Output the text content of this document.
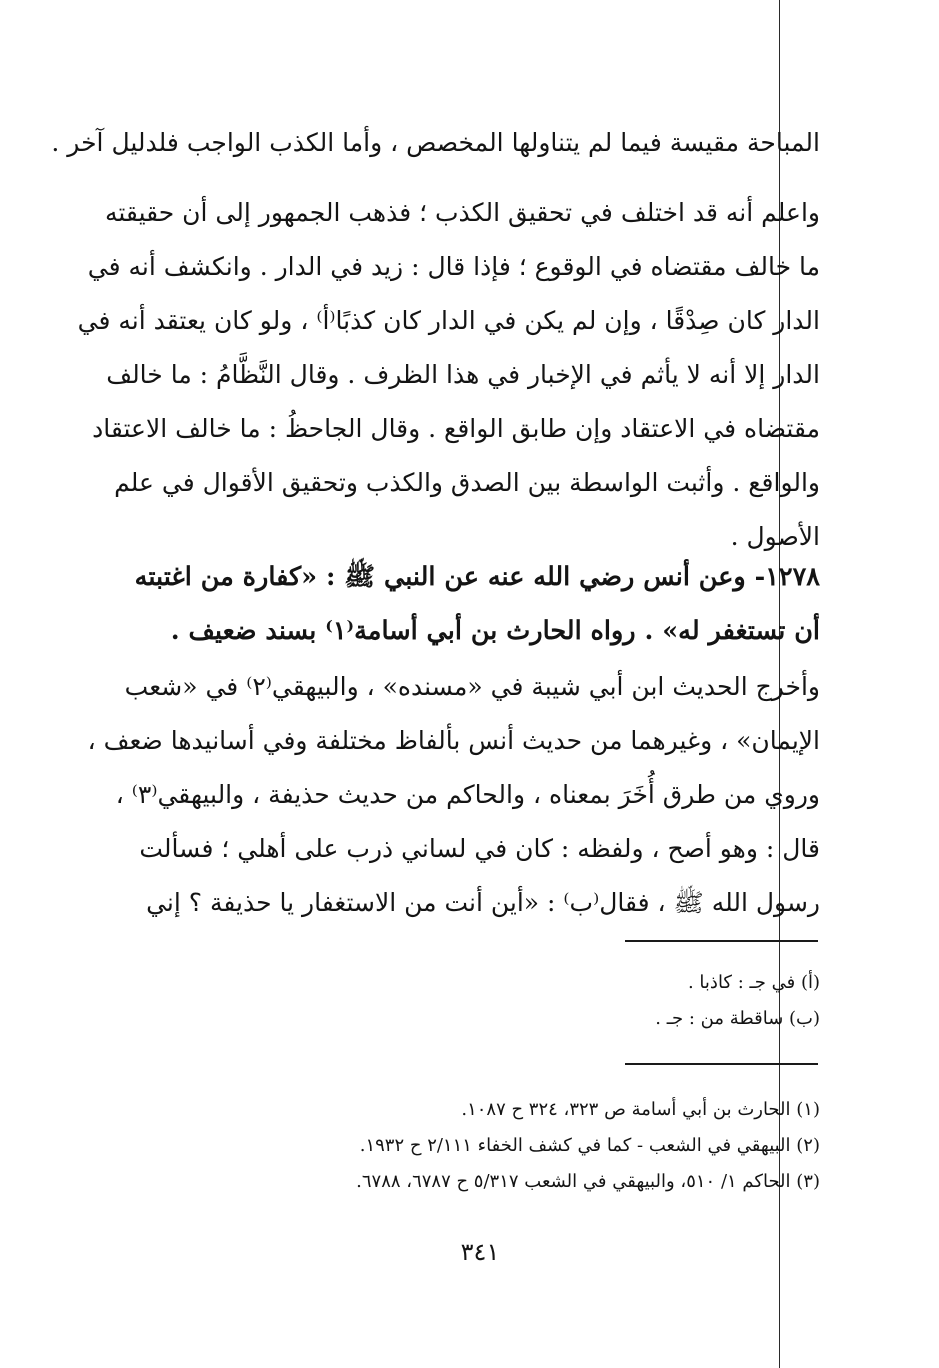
المباحة مقيسة فيما لم يتناولها المخصص ، وأما الكذب الواجب فلدليل آخر .
واعلم أنه قد اختلف في تحقيق الكذب ؛ فذهب الجمهور إلى أن حقيقته
ما خالف مقتضاه في الوقوع ؛ فإذا قال : زيد في الدار . وانكشف أنه في
الدار كان صِدْقًا ، وإن لم يكن في الدار كان كذبًا⁽أ⁾ ، ولو كان يعتقد أنه في
الدار إلا أنه لا يأثم في الإخبار في هذا الظرف . وقال النَّظَّامُ : ما خالف
مقتضاه في الاعتقاد وإن طابق الواقع . وقال الجاحظُ : ما خالف الاعتقاد
والواقع . وأثبت الواسطة بين الصدق والكذب وتحقيق الأقوال في علم
الأصول .
١٢٧٨- وعن أنس رضي الله عنه عن النبي ﷺ : «كفارة من اغتبته
أن تستغفر له» . رواه الحارث بن أبي أسامة⁽١⁾ بسند ضعيف .
وأخرج الحديث ابن أبي شيبة في «مسنده» ، والبيهقي⁽٢⁾ في «شعب
الإيمان» ، وغيرهما من حديث أنس بألفاظ مختلفة وفي أسانيدها ضعف ،
وروي من طرق أُخَرَ بمعناه ، والحاكم من حديث حذيفة ، والبيهقي⁽٣⁾ ،
قال : وهو أصح ، ولفظه : كان في لساني ذرب على أهلي ؛ فسألت
رسول الله ﷺ ، فقال⁽ب⁾ : «أين أنت من الاستغفار يا حذيفة ؟ إني
(أ) في جـ : كاذبا .
(ب) ساقطة من : جـ .
(١) الحارث بن أبي أسامة ص ٣٢٣، ٣٢٤ ح ١٠٨٧.
(٢) البيهقي في الشعب - كما في كشف الخفاء ٢/١١١ ح ١٩٣٢.
(٣) الحاكم ١/ ٥١٠، والبيهقي في الشعب ٥/٣١٧ ح ٦٧٨٧، ٦٧٨٨.
٣٤١
